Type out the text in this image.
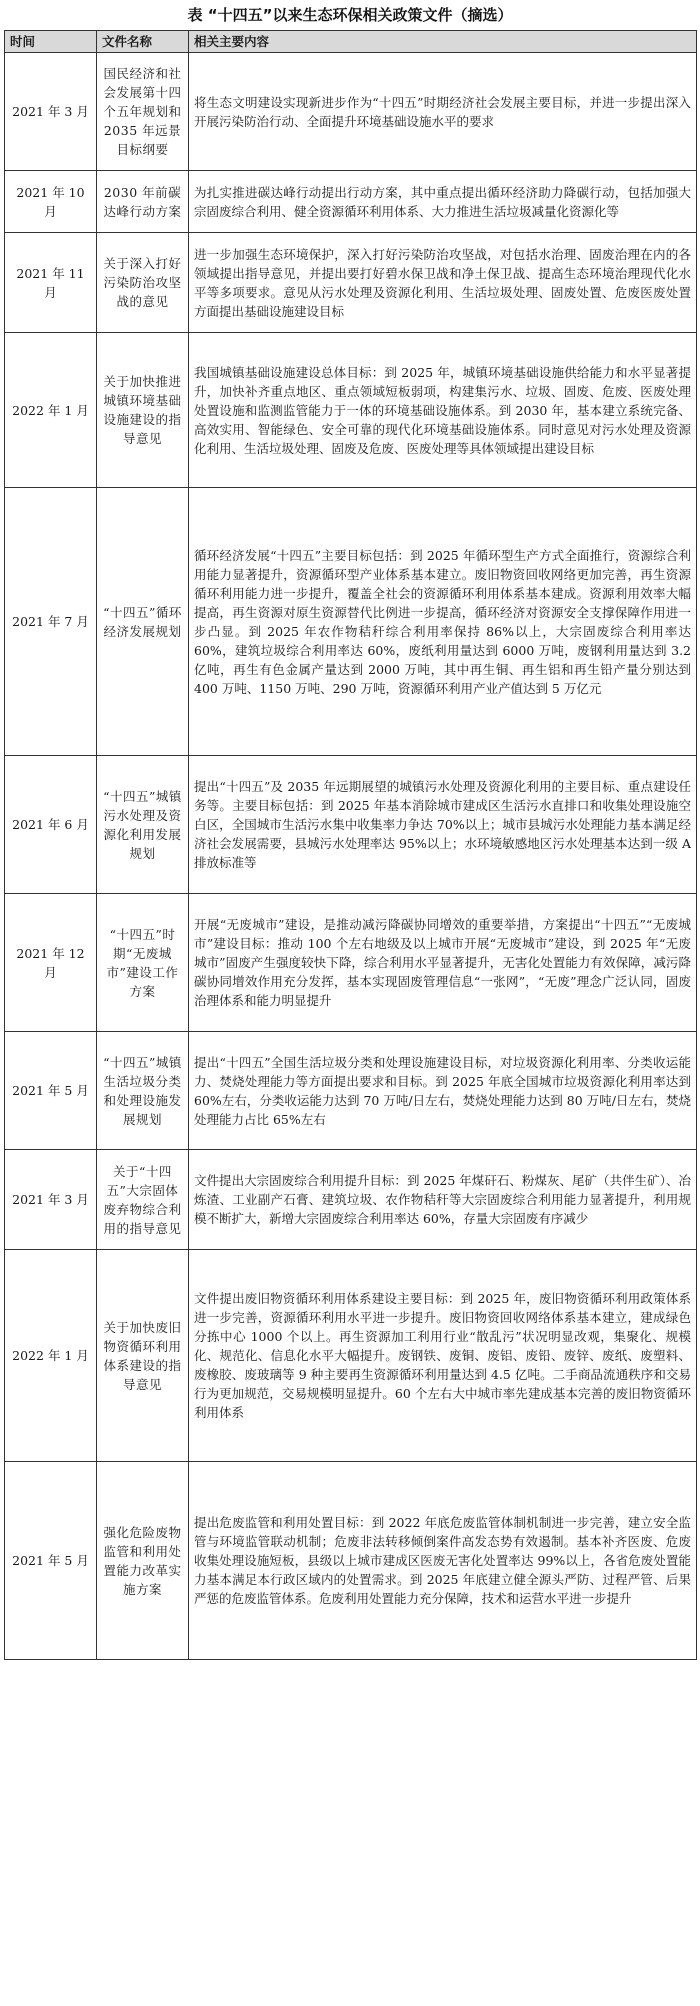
表 “十四五”以来生态环保相关政策文件（摘选）
时间	文件名称	相关主要内容
2021 年 3 月	国民经济和社会发展第十四个五年规划和 2035 年远景目标纲要	将生态文明建设实现新进步作为“十四五”时期经济社会发展主要目标，并进一步提出深入开展污染防治行动、全面提升环境基础设施水平的要求
2021 年 10 月	2030 年前碳达峰行动方案	为扎实推进碳达峰行动提出行动方案，其中重点提出循环经济助力降碳行动，包括加强大宗固废综合利用、健全资源循环利用体系、大力推进生活垃圾减量化资源化等
2021 年 11 月	关于深入打好污染防治攻坚战的意见	进一步加强生态环境保护，深入打好污染防治攻坚战，对包括水治理、固废治理在内的各领域提出指导意见，并提出要打好碧水保卫战和净土保卫战、提高生态环境治理现代化水平等多项要求。意见从污水处理及资源化利用、生活垃圾处理、固废处置、危废医废处置方面提出基础设施建设目标
2022 年 1 月	关于加快推进城镇环境基础设施建设的指导意见	我国城镇基础设施建设总体目标：到 2025 年，城镇环境基础设施供给能力和水平显著提升，加快补齐重点地区、重点领域短板弱项，构建集污水、垃圾、固废、危废、医废处理处置设施和监测监管能力于一体的环境基础设施体系。到 2030 年，基本建立系统完备、高效实用、智能绿色、安全可靠的现代化环境基础设施体系。同时意见对污水处理及资源化利用、生活垃圾处理、固废及危废、医废处理等具体领域提出建设目标
2021 年 7 月	“十四五”循环经济发展规划	循环经济发展“十四五”主要目标包括：到 2025 年循环型生产方式全面推行，资源综合利用能力显著提升，资源循环型产业体系基本建立。废旧物资回收网络更加完善，再生资源循环利用能力进一步提升，覆盖全社会的资源循环利用体系基本建成。资源利用效率大幅提高，再生资源对原生资源替代比例进一步提高，循环经济对资源安全支撑保障作用进一步凸显。到 2025 年农作物秸秆综合利用率保持 86%以上，大宗固废综合利用率达 60%，建筑垃圾综合利用率达 60%，废纸利用量达到 6000 万吨，废钢利用量达到 3.2 亿吨，再生有色金属产量达到 2000 万吨，其中再生铜、再生铝和再生铅产量分别达到 400 万吨、1150 万吨、290 万吨，资源循环利用产业产值达到 5 万亿元
2021 年 6 月	“十四五”城镇污水处理及资源化利用发展规划	提出“十四五”及 2035 年远期展望的城镇污水处理及资源化利用的主要目标、重点建设任务等。主要目标包括：到 2025 年基本消除城市建成区生活污水直排口和收集处理设施空白区，全国城市生活污水集中收集率力争达 70%以上；城市县城污水处理能力基本满足经济社会发展需要，县城污水处理率达 95%以上；水环境敏感地区污水处理基本达到一级 A 排放标准等
2021 年 12 月	“十四五”时期“无废城市”建设工作方案	开展“无废城市”建设，是推动减污降碳协同增效的重要举措，方案提出“十四五”“无废城市”建设目标：推动 100 个左右地级及以上城市开展“无废城市”建设，到 2025 年“无废城市”固废产生强度较快下降，综合利用水平显著提升，无害化处置能力有效保障，减污降碳协同增效作用充分发挥，基本实现固废管理信息“一张网”，“无废”理念广泛认同，固废治理体系和能力明显提升
2021 年 5 月	“十四五”城镇生活垃圾分类和处理设施发展规划	提出“十四五”全国生活垃圾分类和处理设施建设目标，对垃圾资源化利用率、分类收运能力、焚烧处理能力等方面提出要求和目标。到 2025 年底全国城市垃圾资源化利用率达到 60%左右，分类收运能力达到 70 万吨/日左右，焚烧处理能力达到 80 万吨/日左右，焚烧处理能力占比 65%左右
2021 年 3 月	关于“十四五”大宗固体废弃物综合利用的指导意见	文件提出大宗固废综合利用提升目标：到 2025 年煤矸石、粉煤灰、尾矿（共伴生矿）、冶炼渣、工业副产石膏、建筑垃圾、农作物秸秆等大宗固废综合利用能力显著提升，利用规模不断扩大，新增大宗固废综合利用率达 60%，存量大宗固废有序减少
2022 年 1 月	关于加快废旧物资循环利用体系建设的指导意见	文件提出废旧物资循环利用体系建设主要目标：到 2025 年，废旧物资循环利用政策体系进一步完善，资源循环利用水平进一步提升。废旧物资回收网络体系基本建立，建成绿色分拣中心 1000 个以上。再生资源加工利用行业“散乱污”状况明显改观，集聚化、规模化、规范化、信息化水平大幅提升。废钢铁、废铜、废铝、废铅、废锌、废纸、废塑料、废橡胶、废玻璃等 9 种主要再生资源循环利用量达到 4.5 亿吨。二手商品流通秩序和交易行为更加规范，交易规模明显提升。60 个左右大中城市率先建成基本完善的废旧物资循环利用体系
2021 年 5 月	强化危险废物监管和利用处置能力改革实施方案	提出危废监管和利用处置目标：到 2022 年底危废监管体制机制进一步完善，建立安全监管与环境监管联动机制；危废非法转移倾倒案件高发态势有效遏制。基本补齐医废、危废收集处理设施短板，县级以上城市建成区医废无害化处置率达 99%以上，各省危废处置能力基本满足本行政区域内的处置需求。到 2025 年底建立健全源头严防、过程严管、后果严惩的危废监管体系。危废利用处置能力充分保障，技术和运营水平进一步提升
